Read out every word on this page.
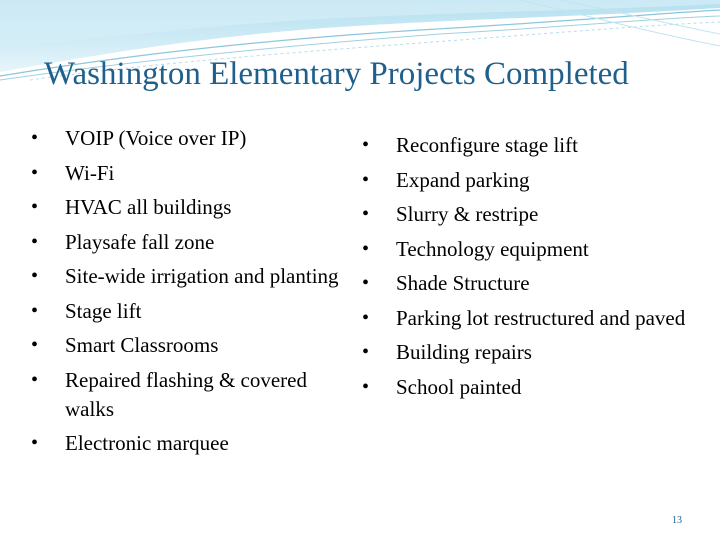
Washington Elementary Projects Completed
• VOIP (Voice over IP)
• Wi-Fi
• HVAC all buildings
• Playsafe fall zone
• Site-wide irrigation and planting
• Stage lift
• Smart Classrooms
• Repaired flashing & covered walks
• Electronic marquee
• Reconfigure stage lift
• Expand parking
• Slurry & restripe
• Technology equipment
• Shade Structure
• Parking lot restructured and paved
• Building repairs
• School painted
13
